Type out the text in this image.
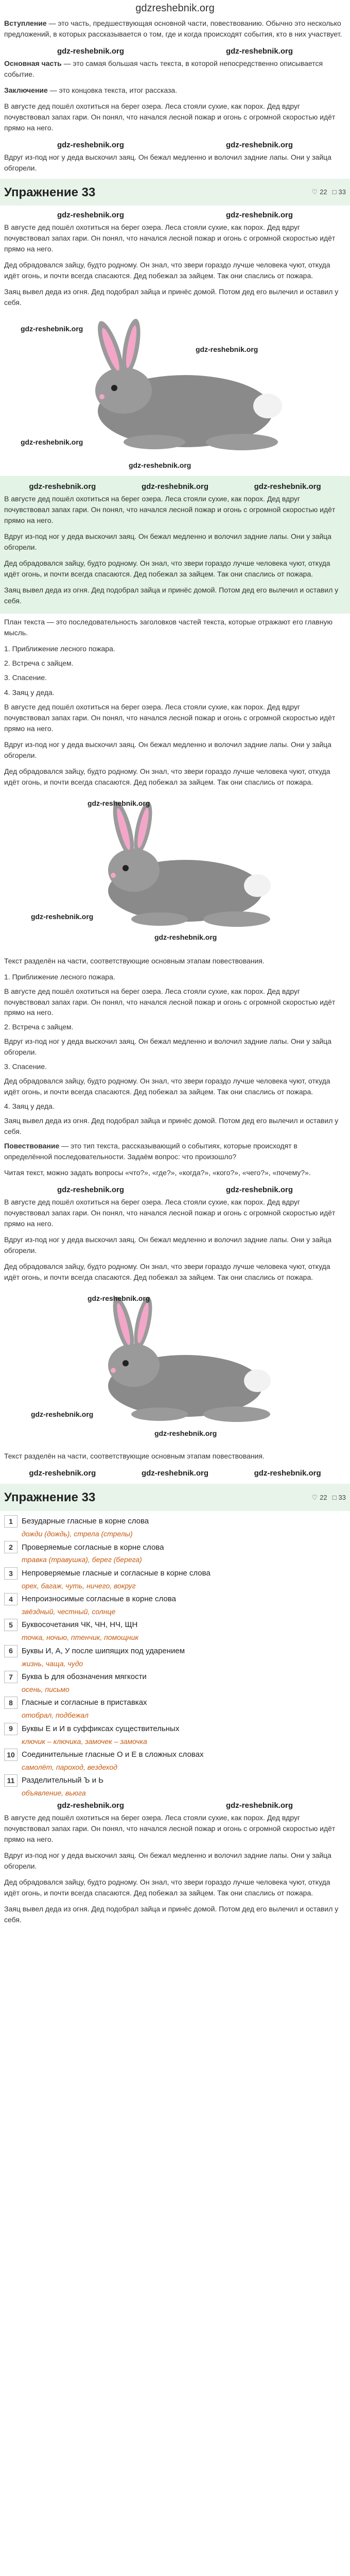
gdzreshebnik.org
Вступление — это часть, предшествующая основной части, повествованию. Обычно это несколько предложений, в которых рассказывается о том, где и когда происходят события, кто в них участвует.
gdz-reshebnik.org	gdz-reshebnik.org
Основная часть — это самая большая часть текста, в которой непосредственно описывается событие.
Заключение — это концовка текста, итог рассказа.
В августе дед пошёл охотиться на берег озера. Леса стояли сухие, как порох. Дед вдруг почувствовал запах гари. Он понял, что начался лесной пожар и огонь с огромной скоростью идёт прямо на него.
gdz-reshebnik.org	gdz-reshebnik.org
Вдруг из-под ног у деда выскочил заяц. Он бежал медленно и волочил задние лапы. Они у зайца обгорели.
Упражнение 33	♡ 22 □ 33
gdz-reshebnik.org	gdz-reshebnik.org
В августе дед пошёл охотиться на берег озера. Леса стояли сухие, как порох. Дед вдруг почувствовал запах гари. Он понял, что начался лесной пожар и огонь с огромной скоростью идёт прямо на него.
Дед обрадовался зайцу, будто родному. Он знал, что звери гораздо лучше человека чуют, откуда идёт огонь, и почти всегда спасаются. Дед побежал за зайцем. Так они спаслись от пожара.
Заяц вывел деда из огня. Дед подобрал зайца и принёс домой. Потом дед его вылечил и оставил у себя.
gdz-reshebnik.org
gdz-reshebnik.org
gdz-reshebnik.org
gdz-reshebnik.org
gdz-reshebnik.org	gdz-reshebnik.org	gdz-reshebnik.org
В августе дед пошёл охотиться на берег озера. Леса стояли сухие, как порох. Дед вдруг почувствовал запах гари. Он понял, что начался лесной пожар и огонь с огромной скоростью идёт прямо на него.
Вдруг из-под ног у деда выскочил заяц. Он бежал медленно и волочил задние лапы. Они у зайца обгорели.
Дед обрадовался зайцу, будто родному. Он знал, что звери гораздо лучше человека чуют, откуда идёт огонь, и почти всегда спасаются. Дед побежал за зайцем. Так они спаслись от пожара.
Заяц вывел деда из огня. Дед подобрал зайца и принёс домой. Потом дед его вылечил и оставил у себя.
План текста — это последовательность заголовков частей текста, которые отражают его главную мысль.
1. Приближение лесного пожара.
2. Встреча с зайцем.
3. Спасение.
4. Заяц у деда.
В августе дед пошёл охотиться на берег озера. Леса стояли сухие, как порох. Дед вдруг почувствовал запах гари. Он понял, что начался лесной пожар и огонь с огромной скоростью идёт прямо на него.
Вдруг из-под ног у деда выскочил заяц. Он бежал медленно и волочил задние лапы. Они у зайца обгорели.
Дед обрадовался зайцу, будто родному. Он знал, что звери гораздо лучше человека чуют, откуда идёт огонь, и почти всегда спасаются. Дед побежал за зайцем. Так они спаслись от пожара.
gdz-reshebnik.org
gdz-reshebnik.org
gdz-reshebnik.org
Текст разделён на части, соответствующие основным этапам повествования.
1. Приближение лесного пожара.
В августе дед пошёл охотиться на берег озера. Леса стояли сухие, как порох. Дед вдруг почувствовал запах гари. Он понял, что начался лесной пожар и огонь с огромной скоростью идёт прямо на него.
2. Встреча с зайцем.
Вдруг из-под ног у деда выскочил заяц. Он бежал медленно и волочил задние лапы. Они у зайца обгорели.
3. Спасение.
Дед обрадовался зайцу, будто родному. Он знал, что звери гораздо лучше человека чуют, откуда идёт огонь, и почти всегда спасаются. Дед побежал за зайцем. Так они спаслись от пожара.
4. Заяц у деда.
Заяц вывел деда из огня. Дед подобрал зайца и принёс домой. Потом дед его вылечил и оставил у себя.
Повествование — это тип текста, рассказывающий о событиях, которые происходят в определённой последовательности. Задаём вопрос: что произошло?
Читая текст, можно задать вопросы «что?», «где?», «когда?», «кого?», «чего?», «почему?».
gdz-reshebnik.org	gdz-reshebnik.org
В августе дед пошёл охотиться на берег озера. Леса стояли сухие, как порох. Дед вдруг почувствовал запах гари. Он понял, что начался лесной пожар и огонь с огромной скоростью идёт прямо на него.
Вдруг из-под ног у деда выскочил заяц. Он бежал медленно и волочил задние лапы. Они у зайца обгорели.
Дед обрадовался зайцу, будто родному. Он знал, что звери гораздо лучше человека чуют, откуда идёт огонь, и почти всегда спасаются. Дед побежал за зайцем. Так они спаслись от пожара.
gdz-reshebnik.org
gdz-reshebnik.org
gdz-reshebnik.org
Текст разделён на части, соответствующие основным этапам повествования.
gdz-reshebnik.org	gdz-reshebnik.org	gdz-reshebnik.org
Упражнение 33	♡ 22 □ 33
1	Безударные гласные в корне слова
дожди (дождь), стрела (стрелы)
2	Проверяемые согласные в корне слова
травка (травушка), берег (берега)
3	Непроверяемые гласные и согласные в корне слова
орех, багаж, чуть, ничего, вокруг
4	Непроизносимые согласные в корне слова
звёздный, честный, солнце
5	Буквосочетания ЧК, ЧН, НЧ, ЩН
точка, ночью, птенчик, помощник
6	Буквы И, А, У после шипящих под ударением
жизнь, чаща, чудо
7	Буква Ь для обозначения мягкости
осень, письмо
8	Гласные и согласные в приставках
отобрал, подбежал
9	Буквы Е и И в суффиксах существительных
ключик – ключика, замочек – замочка
10 Соединительные гласные О и Е в сложных словах
самолёт, пароход, вездеход
11 Разделительный Ъ и Ь
объявление, вьюга
gdz-reshebnik.org	gdz-reshebnik.org
В августе дед пошёл охотиться на берег озера. Леса стояли сухие, как порох. Дед вдруг почувствовал запах гари. Он понял, что начался лесной пожар и огонь с огромной скоростью идёт прямо на него.
Вдруг из-под ног у деда выскочил заяц. Он бежал медленно и волочил задние лапы. Они у зайца обгорели.
Дед обрадовался зайцу, будто родному. Он знал, что звери гораздо лучше человека чуют, откуда идёт огонь, и почти всегда спасаются. Дед побежал за зайцем. Так они спаслись от пожара.
Заяц вывел деда из огня. Дед подобрал зайца и принёс домой. Потом дед его вылечил и оставил у себя.
